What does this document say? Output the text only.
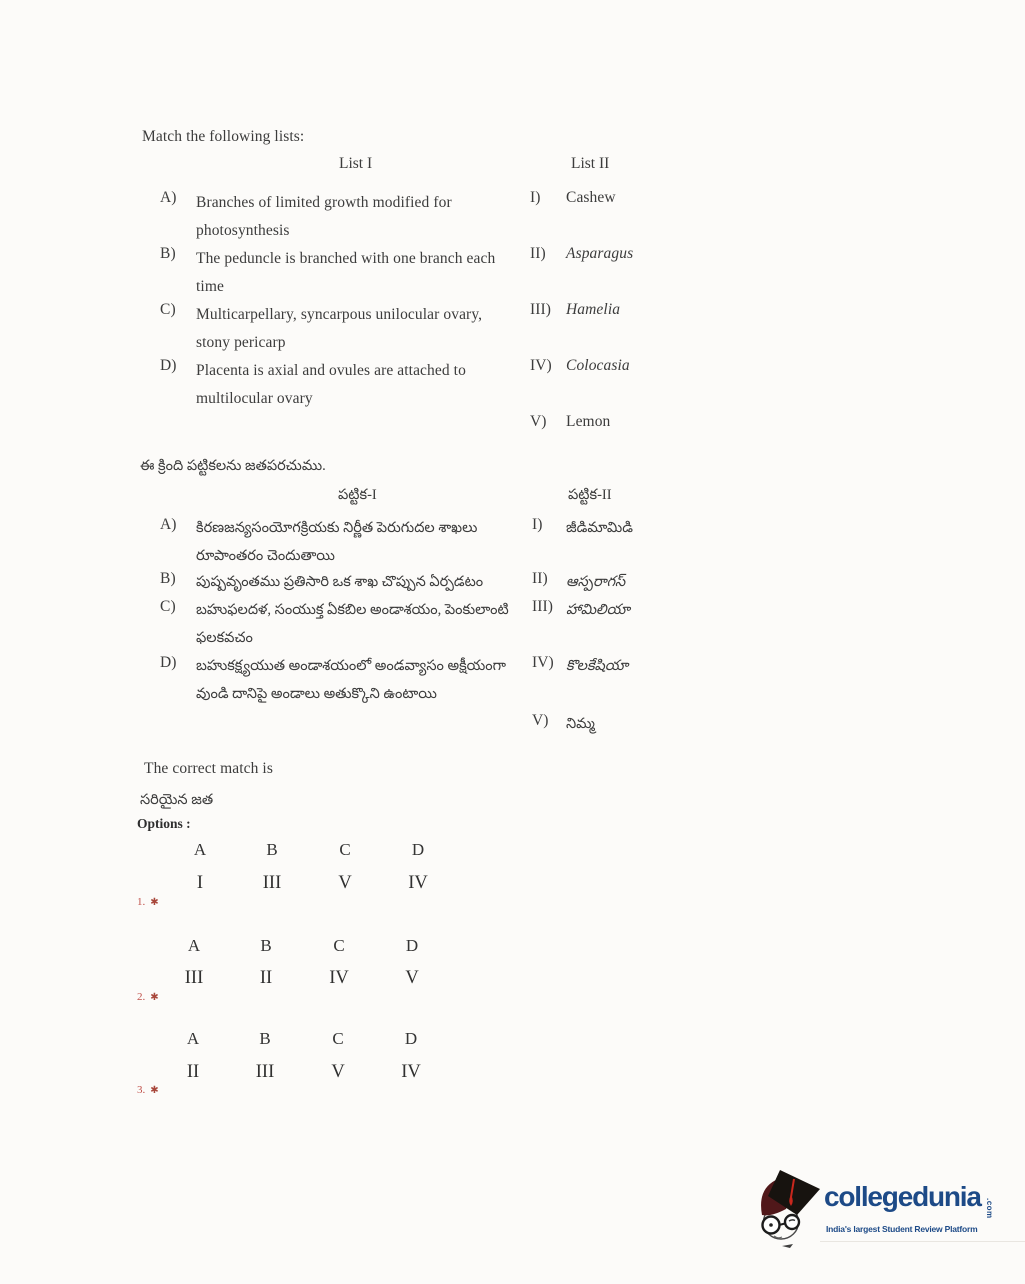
Match the following lists:
List I	List II
A) Branches of limited growth modified for
photosynthesis
B) The peduncle is branched with one branch each
time
C) Multicarpellary, syncarpous unilocular ovary,
stony pericarp
D) Placenta is axial and ovules are attached to
multilocular ovary
I) Cashew
II) Asparagus
III) Hamelia
IV) Colocasia
V) Lemon
ఈ క్రింది పట్టికలను జతపరచుము.
పట్టిక-I	పట్టిక-II
A) కిరణజన్యసంయోగక్రియకు నిర్ణీత పెరుగుదల శాఖలు
రూపాంతరం చెందుతాయి
B) పుష్పవృంతము ప్రతిసారి ఒక శాఖ చొప్పున ఏర్పడటం
C) బహుఫలదళ, సంయుక్త ఏకబిల అండాశయం, పెంకులాంటి
ఫలకవచం
D) బహుకక్ష్యయుత అండాశయంలో అండవ్యాసం అక్షీయంగా
వుండి దానిపై అండాలు అతుక్కొని ఉంటాయి
I) జీడిమామిడి
II) ఆస్పరాగస్
III) హామిలియా
IV) కొలకేషియా
V) నిమ్మ
The correct match is
సరియైన జత
Options :
A	B	C	D
I	III	V	IV
1. ✱
A	B	C	D
III	II	IV	V
2. ✱
A	B	C	D
II	III	V	IV
3. ✱
collegedunia .com
India's largest Student Review Platform
